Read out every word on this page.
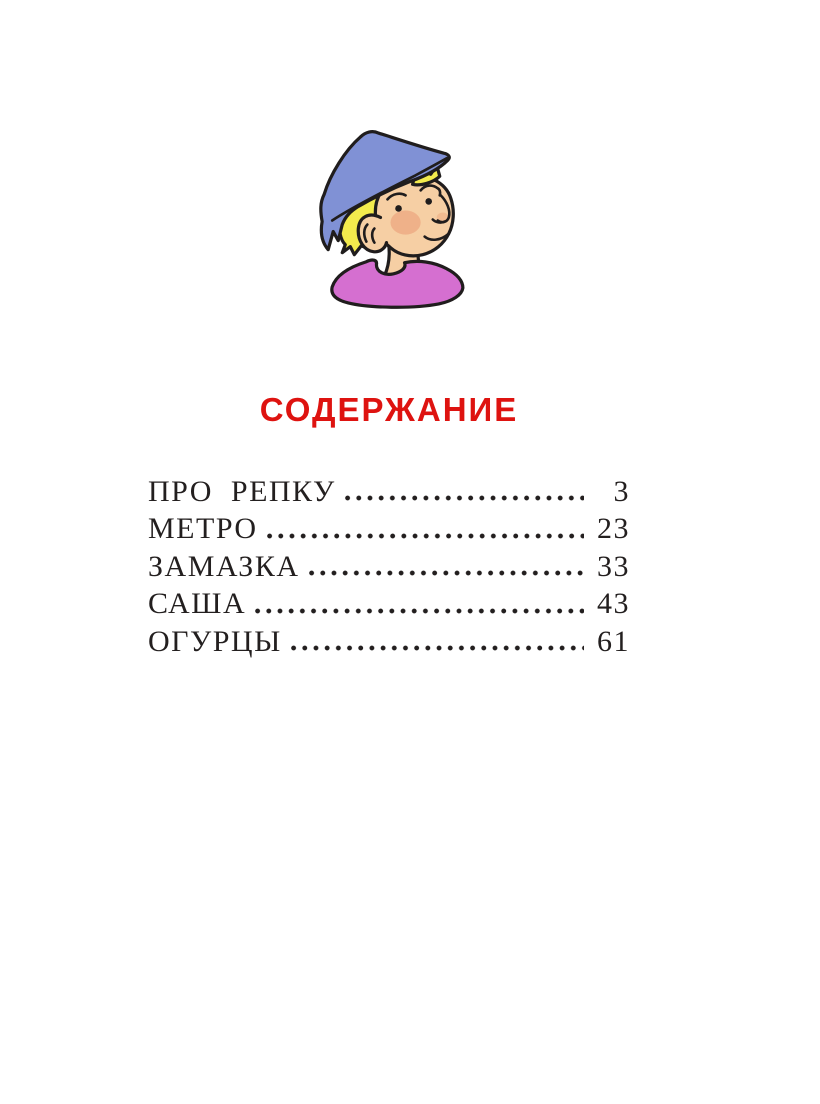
СОДЕРЖАНИЕ
ПРО РЕПКУ	3
МЕТРО	23
ЗАМАЗКА	33
САША	43
ОГУРЦЫ	61
